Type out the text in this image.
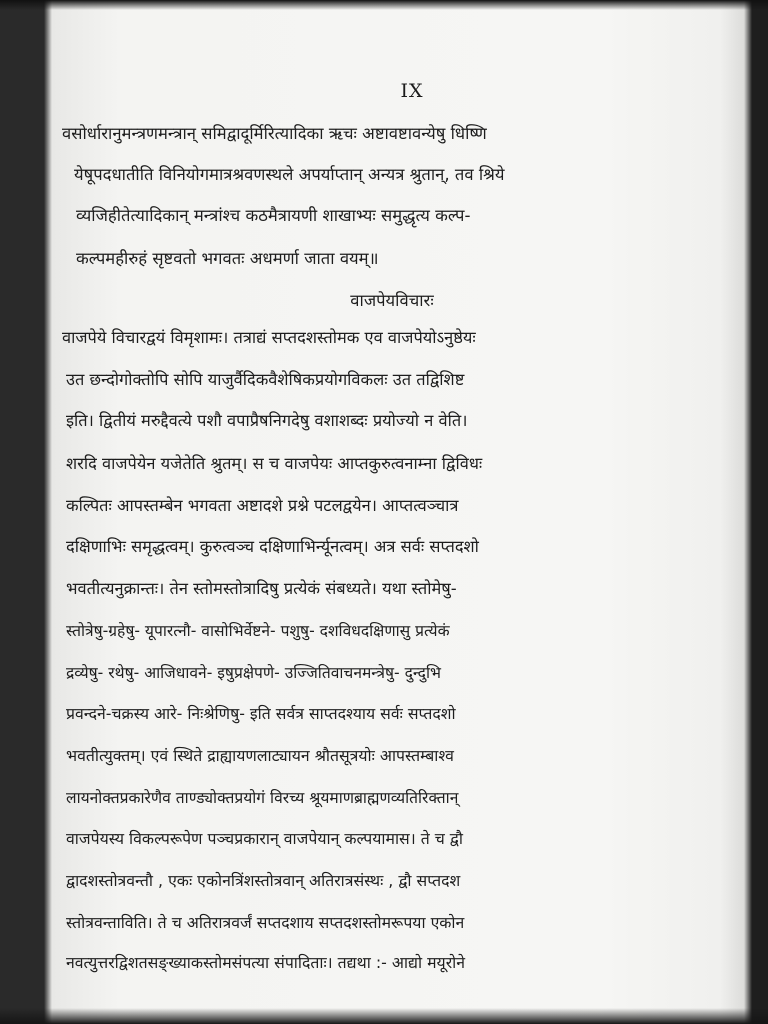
IX
वसोर्धारानुमन्त्रणमन्त्रान् समिद्वादूर्मिरित्यादिका ऋचः अष्टावष्टावन्येषु धिष्णि
येषूपदधातीति विनियोगमात्रश्रवणस्थले अपर्याप्तान् अन्यत्र श्रुतान्, तव श्रिये
व्यजिहीतेत्यादिकान् मन्त्रांश्च कठमैत्रायणी शाखाभ्यः समुद्धृत्य कल्प-
कल्पमहीरुहं सृष्टवतो भगवतः अधमर्णा जाता वयम्॥
वाजपेयविचारः
वाजपेये विचारद्वयं विमृशामः। तत्राद्यं सप्तदशस्तोमक एव वाजपेयोऽनुष्ठेयः
उत छन्दोगोक्तोपि सोपि याजुर्वैदिकवैशेषिकप्रयोगविकलः उत तद्विशिष्ट
इति। द्वितीयं मरुद्दैवत्ये पशौ वपाप्रैषनिगदेषु वशाशब्दः प्रयोज्यो न वेति।
शरदि वाजपेयेन यजेतेति श्रुतम्। स च वाजपेयः आप्तकुरुत्वनाम्ना द्विविधः
कल्पितः आपस्तम्बेन भगवता अष्टादशे प्रश्ने पटलद्वयेन। आप्तत्वञ्चात्र
दक्षिणाभिः समृद्धत्वम्। कुरुत्वञ्च दक्षिणाभिर्न्यूनत्वम्। अत्र सर्वः सप्तदशो
भवतीत्यनुक्रान्तः। तेन स्तोमस्तोत्रादिषु प्रत्येकं संबध्यते। यथा स्तोमेषु-
स्तोत्रेषु-ग्रहेषु- यूपारत्नौ- वासोभिर्वेष्टने- पशुषु- दशविधदक्षिणासु प्रत्येकं
द्रव्येषु- रथेषु- आजिधावने- इषुप्रक्षेपणे- उज्जितिवाचनमन्त्रेषु- दुन्दुभि
प्रवन्दने-चक्रस्य आरे- निःश्रेणिषु- इति सर्वत्र साप्तदश्याय सर्वः सप्तदशो
भवतीत्युक्तम्। एवं स्थिते द्राह्यायणलाट्यायन श्रौतसूत्रयोः आपस्तम्बाश्व
लायनोक्तप्रकारेणैव ताण्ड्योक्तप्रयोगं विरच्य श्रूयमाणब्राह्मणव्यतिरिक्तान्
वाजपेयस्य विकल्परूपेण पञ्चप्रकारान् वाजपेयान् कल्पयामास। ते च द्वौ
द्वादशस्तोत्रवन्तौ , एकः एकोनत्रिंशस्तोत्रवान् अतिरात्रसंस्थः , द्वौ सप्तदश
स्तोत्रवन्ताविति। ते च अतिरात्रवर्जं सप्तदशाय सप्तदशस्तोमरूपया एकोन
नवत्युत्तरद्विशतसङ्ख्याकस्तोमसंपत्या संपादिताः। तद्यथा :- आद्यो मयूरोने
